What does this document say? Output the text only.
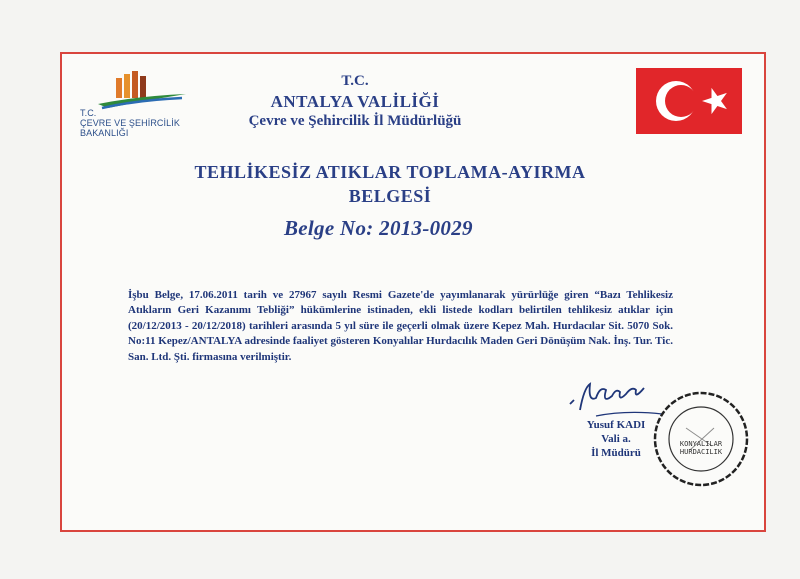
T.C.
ÇEVRE VE ŞEHİRCİLİK
BAKANLIĞI
T.C.
ANTALYA VALİLİĞİ
Çevre ve Şehircilik İl Müdürlüğü
TEHLİKESİZ ATIKLAR TOPLAMA-AYIRMA
BELGESİ
Belge No: 2013-0029
İşbu Belge, 17.06.2011 tarih ve 27967 sayılı Resmi Gazete'de yayımlanarak yürürlüğe giren “Bazı Tehlikesiz Atıkların Geri Kazanımı Tebliği” hükümlerine istinaden, ekli listede kodları belirtilen tehlikesiz atıklar için (20/12/2013 - 20/12/2018) tarihleri arasında 5 yıl süre ile geçerli olmak üzere Kepez Mah. Hurdacılar Sit. 5070 Sok. No:11 Kepez/ANTALYA adresinde faaliyet gösteren Konyalılar Hurdacılık Maden Geri Dönüşüm Nak. İnş. Tur. Tic. San. Ltd. Şti. firmasına verilmiştir.
Yusuf KADI
Vali a.
İl Müdürü
KONYALILAR HURDACILIK
